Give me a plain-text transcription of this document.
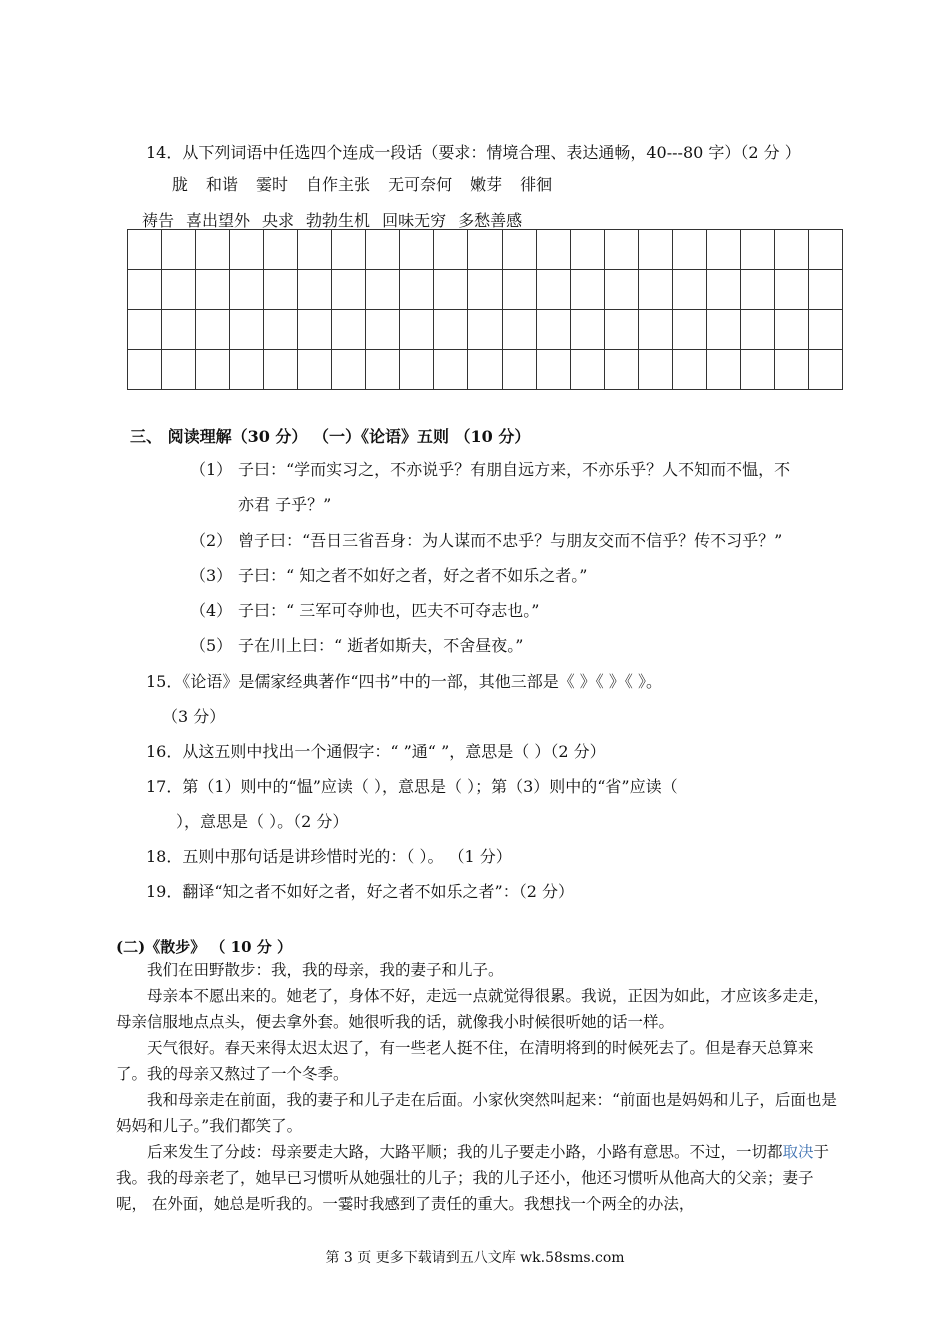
14．从下列词语中任选四个连成一段话（要求：情境合理、表达通畅，40---80 字）（2 分 ）
胧 和谐 霎时 自作主张 无可奈何 嫩芽 徘徊
祷告 喜出望外 央求 勃勃生机 回味无穷 多愁善感

三、 阅读理解（30 分） （一）《论语》五则 （10 分）
（1） 子曰：“学而实习之，不亦说乎？有朋自远方来，不亦乐乎？人不知而不愠，不
亦君 子乎？”
（2） 曾子曰：“吾日三省吾身：为人谋而不忠乎？与朋友交而不信乎？传不习乎？”
（3） 子曰：“ 知之者不如好之者，好之者不如乐之者。”
（4） 子曰：“ 三军可夺帅也，匹夫不可夺志也。”
（5） 子在川上曰：“ 逝者如斯夫，不舍昼夜。”
15．《论语》是儒家经典著作“四书”中的一部，其他三部是《 》《 》《 》。
（3 分）
16．从这五则中找出一个通假字：“ ”通“ ”，意思是（ ）（2 分）
17．第（1）则中的“愠”应读（ ），意思是（ ）；第（3）则中的“省”应读（
），意思是（ ）。（2 分）
18．五则中那句话是讲珍惜时光的：（ ）。 （1 分）
19．翻译“知之者不如好之者，好之者不如乐之者”：（2 分）
(二)《散步》 （ 10 分 ）
我们在田野散步：我，我的母亲，我的妻子和儿子。
母亲本不愿出来的。她老了，身体不好，走远一点就觉得很累。我说，正因为如此，才应该多走走，母亲信服地点点头，便去拿外套。她很听我的话，就像我小时候很听她的话一样。
天气很好。春天来得太迟太迟了，有一些老人挺不住，在清明将到的时候死去了。但是春天总算来了。我的母亲又熬过了一个冬季。
我和母亲走在前面，我的妻子和儿子走在后面。小家伙突然叫起来：“前面也是妈妈和儿子，后面也是妈妈和儿子。”我们都笑了。
后来发生了分歧：母亲要走大路，大路平顺；我的儿子要走小路，小路有意思。不过，一切都取决于我。我的母亲老了，她早已习惯听从她强壮的儿子；我的儿子还小，他还习惯听从他高大的父亲；妻子呢， 在外面，她总是听我的。一霎时我感到了责任的重大。我想找一个两全的办法，
第 3 页 更多下载请到五八文库 wk.58sms.com
